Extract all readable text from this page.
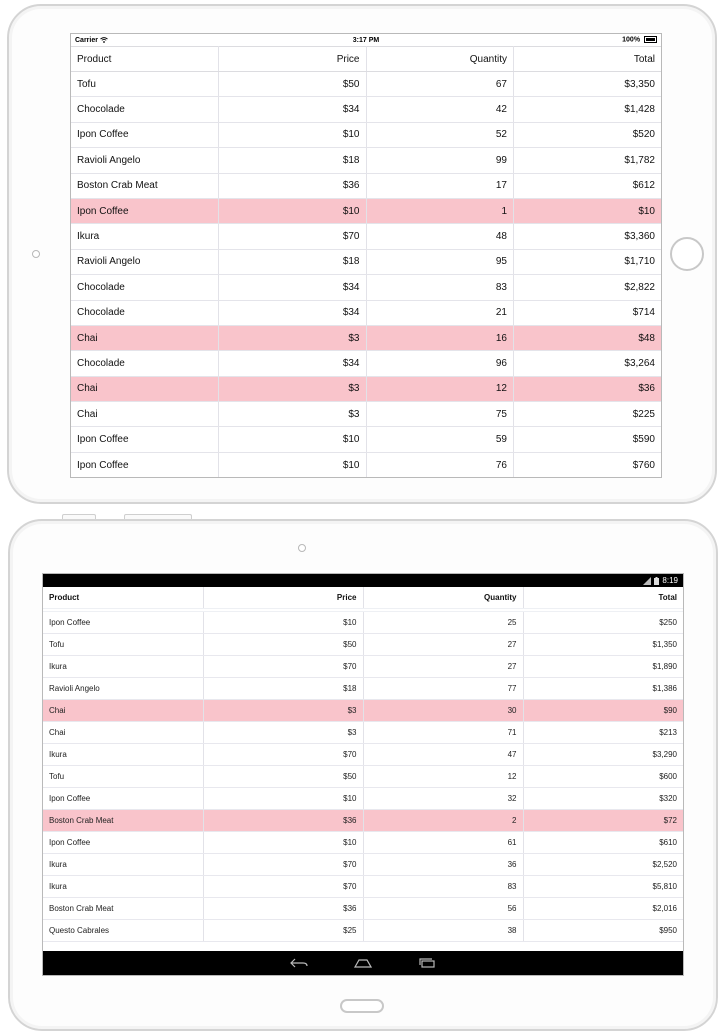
Carrier	3:17 PM	100%
Product	Price	Quantity	Total
Tofu	$50	67	$3,350
Chocolade	$34	42	$1,428
Ipon Coffee	$10	52	$520
Ravioli Angelo	$18	99	$1,782
Boston Crab Meat	$36	17	$612
Ipon Coffee	$10	1	$10
Ikura	$70	48	$3,360
Ravioli Angelo	$18	95	$1,710
Chocolade	$34	83	$2,822
Chocolade	$34	21	$714
Chai	$3	16	$48
Chocolade	$34	96	$3,264
Chai	$3	12	$36
Chai	$3	75	$225
Ipon Coffee	$10	59	$590
Ipon Coffee	$10	76	$760
8:19
Product	Price	Quantity	Total
Ipon Coffee	$10	25	$250
Tofu	$50	27	$1,350
Ikura	$70	27	$1,890
Ravioli Angelo	$18	77	$1,386
Chai	$3	30	$90
Chai	$3	71	$213
Ikura	$70	47	$3,290
Tofu	$50	12	$600
Ipon Coffee	$10	32	$320
Boston Crab Meat	$36	2	$72
Ipon Coffee	$10	61	$610
Ikura	$70	36	$2,520
Ikura	$70	83	$5,810
Boston Crab Meat	$36	56	$2,016
Questo Cabrales	$25	38	$950
